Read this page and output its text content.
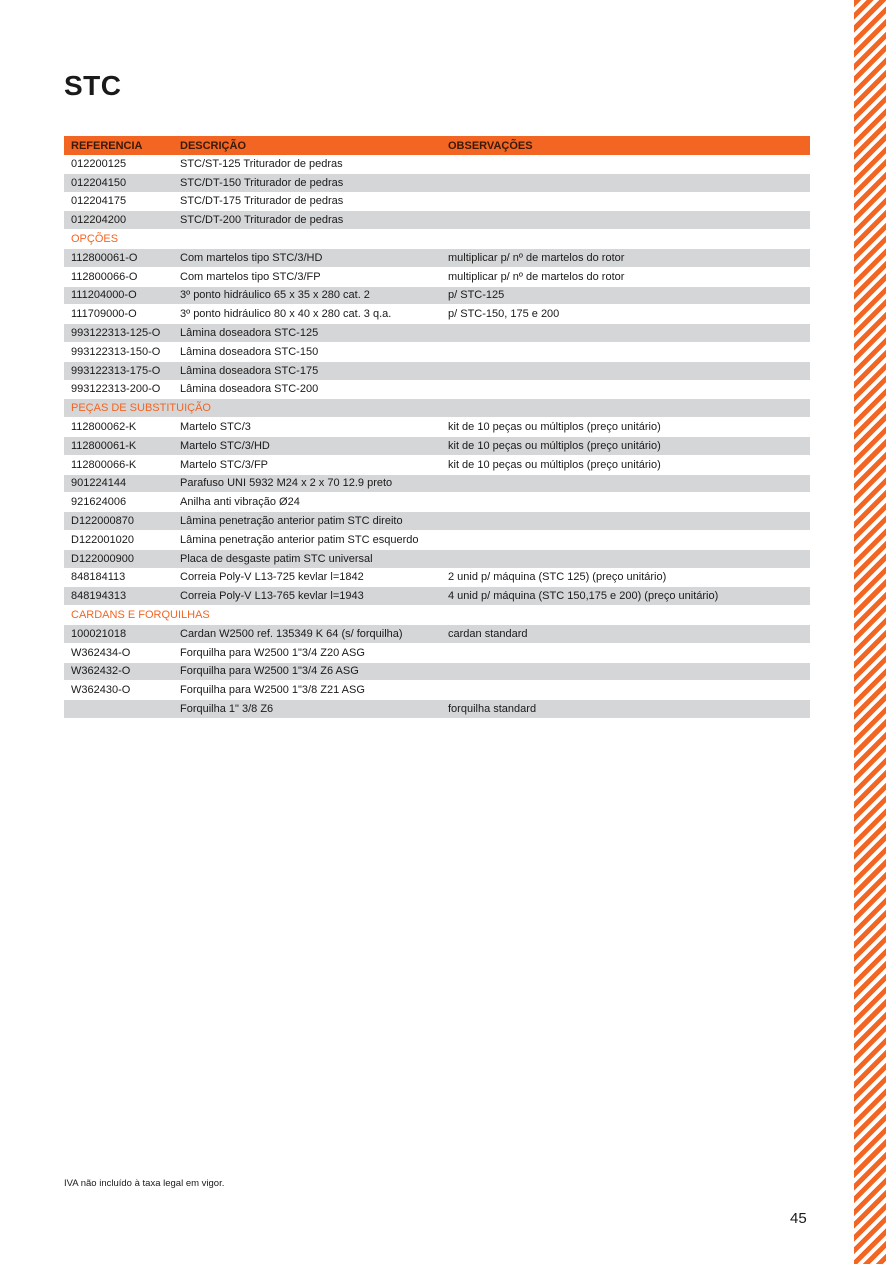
STC
REFERENCIA	DESCRIÇÃO	OBSERVAÇÕES
012200125	STC/ST-125 Triturador de pedras	
012204150	STC/DT-150 Triturador de pedras	
012204175	STC/DT-175 Triturador de pedras	
012204200	STC/DT-200 Triturador de pedras	
OPÇÕES		
112800061-O	Com martelos tipo STC/3/HD	multiplicar p/ nº de martelos do rotor
112800066-O	Com martelos tipo STC/3/FP	multiplicar p/ nº de martelos do rotor
111204000-O	3º ponto hidráulico 65 x 35 x 280 cat. 2	p/ STC-125
111709000-O	3º ponto hidráulico 80 x 40 x 280 cat. 3 q.a.	p/ STC-150, 175 e 200
993122313-125-O	Lâmina doseadora STC-125	
993122313-150-O	Lâmina doseadora STC-150	
993122313-175-O	Lâmina doseadora STC-175	
993122313-200-O	Lâmina doseadora STC-200	
PEÇAS DE SUBSTITUIÇÃO		
112800062-K	Martelo STC/3	kit de 10 peças ou múltiplos (preço unitário)
112800061-K	Martelo STC/3/HD	kit de 10 peças ou múltiplos (preço unitário)
112800066-K	Martelo STC/3/FP	kit de 10 peças ou múltiplos (preço unitário)
901224144	Parafuso UNI 5932 M24 x 2 x 70 12.9 preto	
921624006	Anilha anti vibração Ø24	
D122000870	Lâmina penetração anterior patim STC direito	
D122001020	Lâmina penetração anterior patim STC esquerdo	
D122000900	Placa de desgaste patim STC universal	
848184113	Correia Poly-V L13-725 kevlar l=1842	2 unid p/ máquina (STC 125) (preço unitário)
848194313	Correia Poly-V L13-765 kevlar l=1943	4 unid p/ máquina (STC 150,175 e 200) (preço unitário)
CARDANS E FORQUILHAS		
100021018	Cardan W2500 ref. 135349 K 64 (s/ forquilha)	cardan standard
W362434-O	Forquilha para W2500 1"3/4 Z20 ASG	
W362432-O	Forquilha para W2500 1"3/4 Z6 ASG	
W362430-O	Forquilha para W2500 1"3/8 Z21 ASG	
	Forquilha 1" 3/8 Z6	forquilha standard
IVA não incluído à taxa legal em vigor.
45
